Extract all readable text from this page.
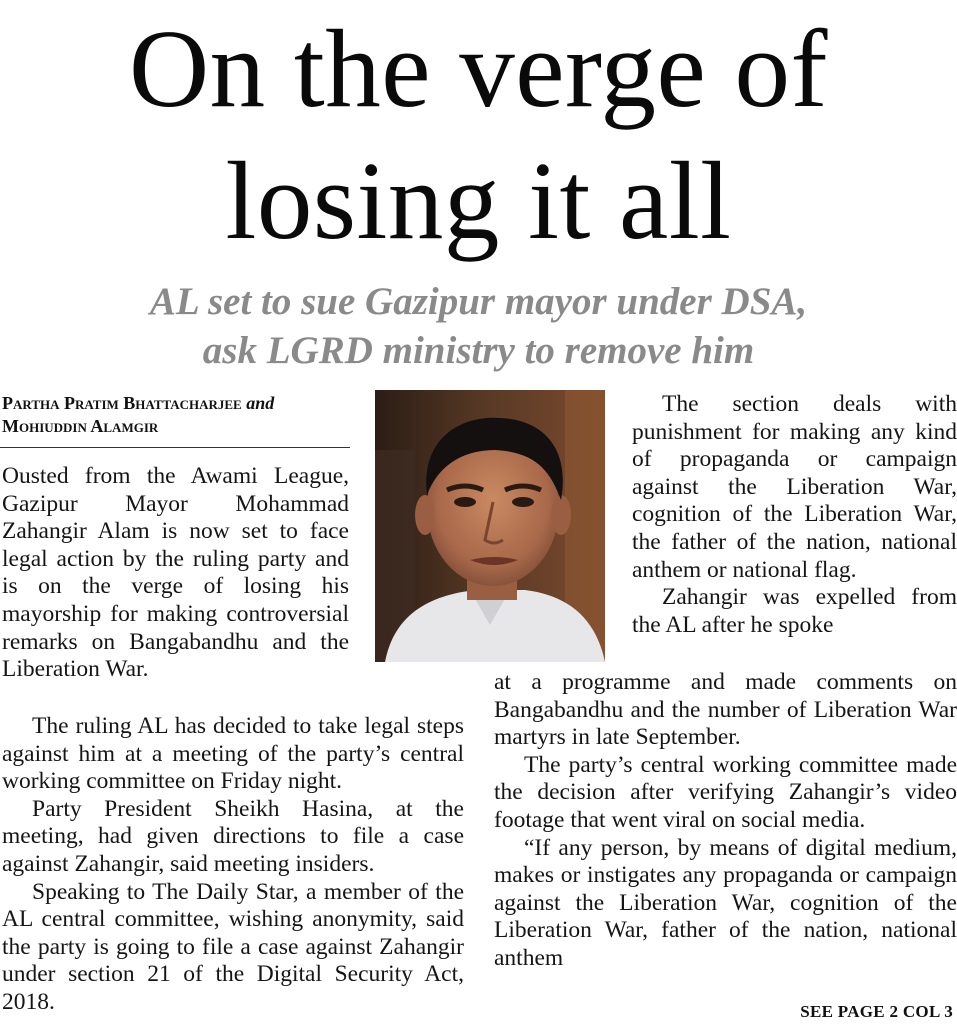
On the verge of
losing it all
AL set to sue Gazipur mayor under DSA,
ask LGRD ministry to remove him
Partha Pratim Bhattacharjee and
Mohiuddin Alamgir

Ousted from the Awami League, Gazipur Mayor Mohammad Zahangir Alam is now set to face legal action by the ruling party and is on the verge of losing his mayorship for making controversial remarks on Bangabandhu and the Liberation War.

The ruling AL has decided to take legal steps against him at a meeting of the party’s central working committee on Friday night.

Party President Sheikh Hasina, at the meeting, had given directions to file a case against Zahangir, said meeting insiders.

Speaking to The Daily Star, a member of the AL central committee, wishing anonymity, said the party is going to file a case against Zahangir under section 21 of the Digital Security Act, 2018.

The section deals with punishment for making any kind of propaganda or campaign against the Liberation War, cognition of the Liberation War, the father of the nation, national anthem or national flag.

Zahangir was expelled from the AL after he spoke

at a programme and made comments on Bangabandhu and the number of Liberation War martyrs in late September.

The party’s central working committee made the decision after verifying Zahangir’s video footage that went viral on social media.

“If any person, by means of digital medium, makes or instigates any propaganda or campaign against the Liberation War, cognition of the Liberation War, father of the nation, national anthem

SEE PAGE 2 COL 3
